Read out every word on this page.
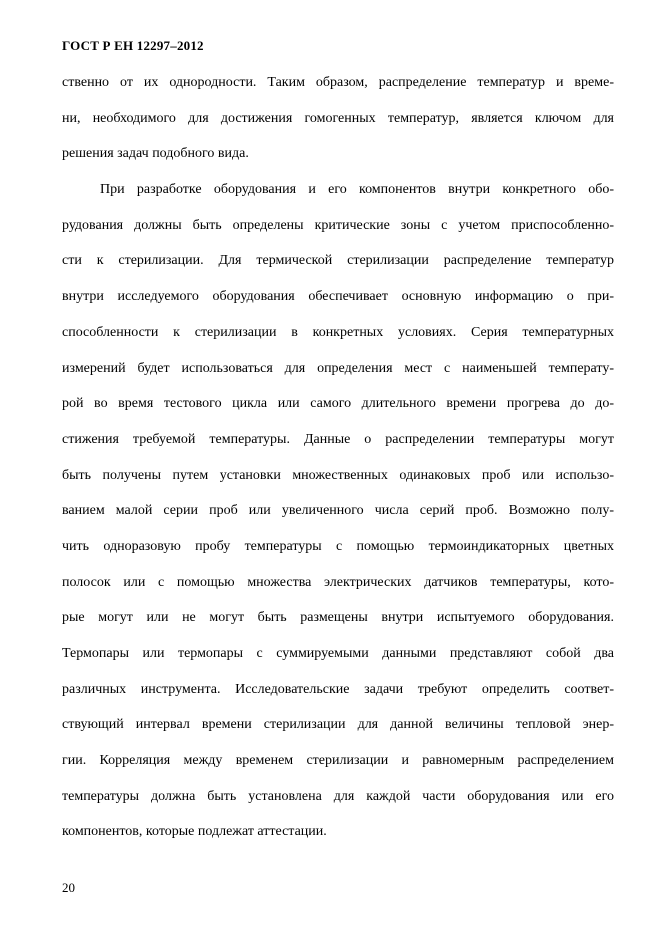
ГОСТ Р ЕН 12297–2012
ственно от их однородности. Таким образом, распределение температур и време-
ни, необходимого для достижения гомогенных температур, является ключом для
решения задач подобного вида.
При разработке оборудования и его компонентов внутри конкретного обо-
рудования должны быть определены критические зоны с учетом приспособленно-
сти к стерилизации. Для термической стерилизации распределение температур
внутри исследуемого оборудования обеспечивает основную информацию о при-
способленности к стерилизации в конкретных условиях. Серия температурных
измерений будет использоваться для определения мест с наименьшей температу-
рой во время тестового цикла или самого длительного времени прогрева до до-
стижения требуемой температуры. Данные о распределении температуры могут
быть получены путем установки множественных одинаковых проб или использо-
ванием малой серии проб или увеличенного числа серий проб. Возможно полу-
чить одноразовую пробу температуры с помощью термоиндикаторных цветных
полосок или с помощью множества электрических датчиков температуры, кото-
рые могут или не могут быть размещены внутри испытуемого оборудования.
Термопары или термопары с суммируемыми данными представляют собой два
различных инструмента. Исследовательские задачи требуют определить соответ-
ствующий интервал времени стерилизации для данной величины тепловой энер-
гии. Корреляция между временем стерилизации и равномерным распределением
температуры должна быть установлена для каждой части оборудования или его
компонентов, которые подлежат аттестации.
20
